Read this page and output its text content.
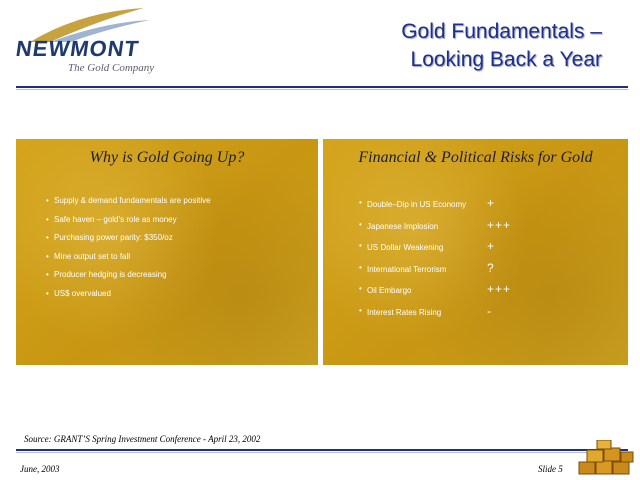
NEWMONT
The Gold Company
Gold Fundamentals –
Looking Back a Year
Why is Gold Going Up?
• Supply & demand fundamentals are positive
• Safe haven – gold’s role as money
• Purchasing power parity: $350/oz
• Mine output set to fall
• Producer hedging is decreasing
• US$ overvalued
Financial & Political Risks for Gold
• Double–Dip in US Economy +
• Japanese Implosion	+++
• US Dollar Weakening	+
• International Terrorism	?
• Oil Embargo	+++
• Interest Rates Rising	-
Source: GRANT’S Spring Investment Conference - April 23, 2002
June, 2003	Slide 5
